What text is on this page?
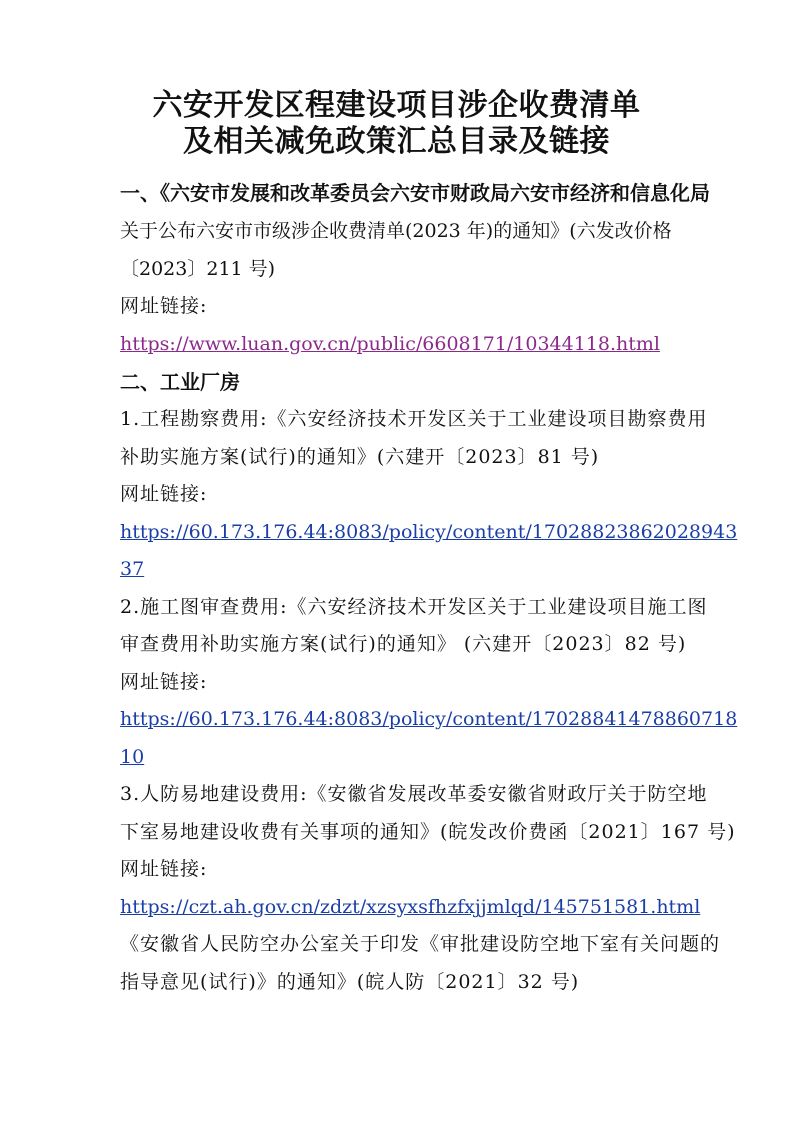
六安开发区程建设项目涉企收费清单
及相关减免政策汇总目录及链接
一、《六安市发展和改革委员会六安市财政局六安市经济和信息化局
关于公布六安市市级涉企收费清单(2023 年)的通知》(六发改价格
〔2023〕211 号)
网址链接:
https://www.luan.gov.cn/public/6608171/10344118.html
二、工业厂房
1.工程勘察费用:《六安经济技术开发区关于工业建设项目勘察费用
补助实施方案(试行)的通知》(六建开〔2023〕81 号)
网址链接:
https://60.173.176.44:8083/policy/content/17028823862028943
37
2.施工图审查费用:《六安经济技术开发区关于工业建设项目施工图
审查费用补助实施方案(试行)的通知》 (六建开〔2023〕82 号)
网址链接:
https://60.173.176.44:8083/policy/content/17028841478860718
10
3.人防易地建设费用:《安徽省发展改革委安徽省财政厅关于防空地
下室易地建设收费有关事项的通知》(皖发改价费函〔2021〕167 号)
网址链接:
https://czt.ah.gov.cn/zdzt/xzsyxsfhzfxjjmlqd/145751581.html
《安徽省人民防空办公室关于印发《审批建设防空地下室有关问题的
指导意见(试行)》的通知》(皖人防〔2021〕32 号)
